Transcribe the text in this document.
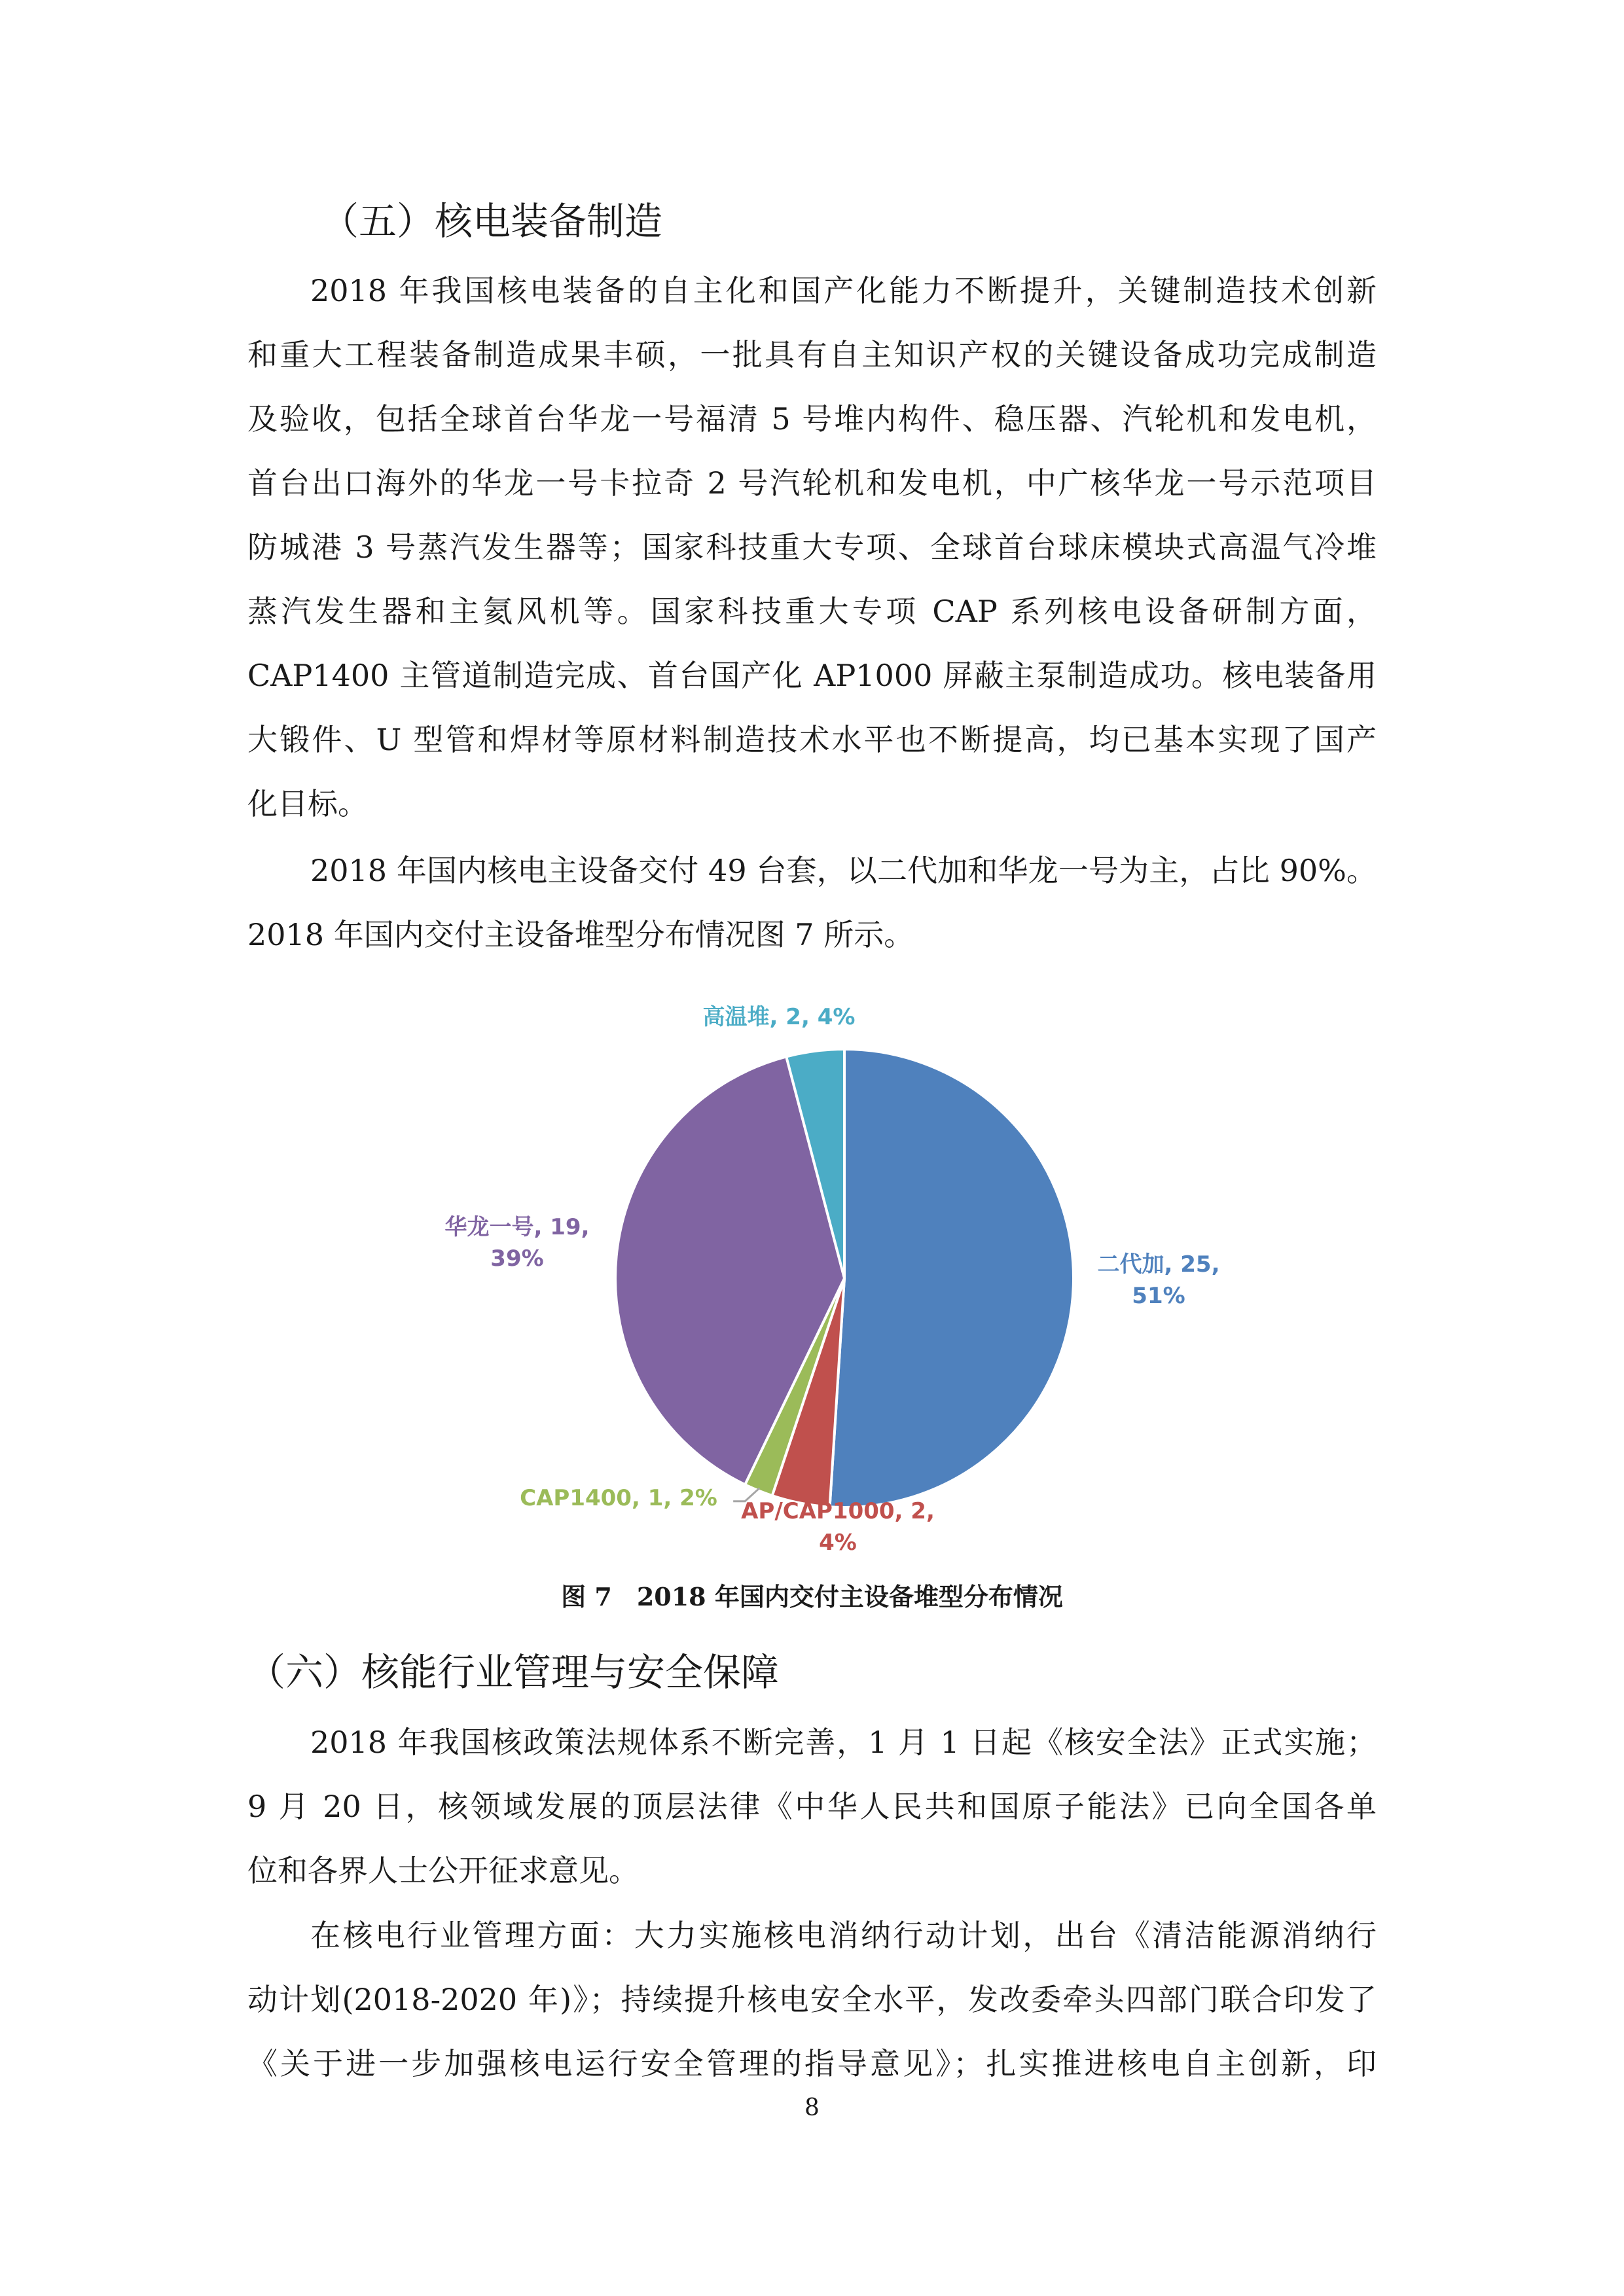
（五）核电装备制造
2018 年我国核电装备的自主化和国产化能力不断提升，关键制造技术创新
和重大工程装备制造成果丰硕，一批具有自主知识产权的关键设备成功完成制造
及验收，包括全球首台华龙一号福清 5 号堆内构件、稳压器、汽轮机和发电机，
首台出口海外的华龙一号卡拉奇 2 号汽轮机和发电机，中广核华龙一号示范项目
防城港 3 号蒸汽发生器等；国家科技重大专项、全球首台球床模块式高温气冷堆
蒸汽发生器和主氦风机等。国家科技重大专项 CAP 系列核电设备研制方面，
CAP1400 主管道制造完成、首台国产化 AP1000 屏蔽主泵制造成功。核电装备用
大锻件、U 型管和焊材等原材料制造技术水平也不断提高，均已基本实现了国产
化目标。
2018 年国内核电主设备交付 49 台套，以二代加和华龙一号为主，占比 90%。
2018 年国内交付主设备堆型分布情况图 7 所示。
二代加, 25, 51%
AP/CAP1000, 2, 4%
CAP1400, 1, 2%
华龙一号, 19, 39%
高温堆, 2, 4%
图 7　2018 年国内交付主设备堆型分布情况
（六）核能行业管理与安全保障
2018 年我国核政策法规体系不断完善，1 月 1 日起《核安全法》正式实施；
9 月 20 日，核领域发展的顶层法律《中华人民共和国原子能法》已向全国各单
位和各界人士公开征求意见。
在核电行业管理方面：大力实施核电消纳行动计划，出台《清洁能源消纳行
动计划(2018-2020 年)》；持续提升核电安全水平，发改委牵头四部门联合印发了
《关于进一步加强核电运行安全管理的指导意见》；扎实推进核电自主创新，印
8
